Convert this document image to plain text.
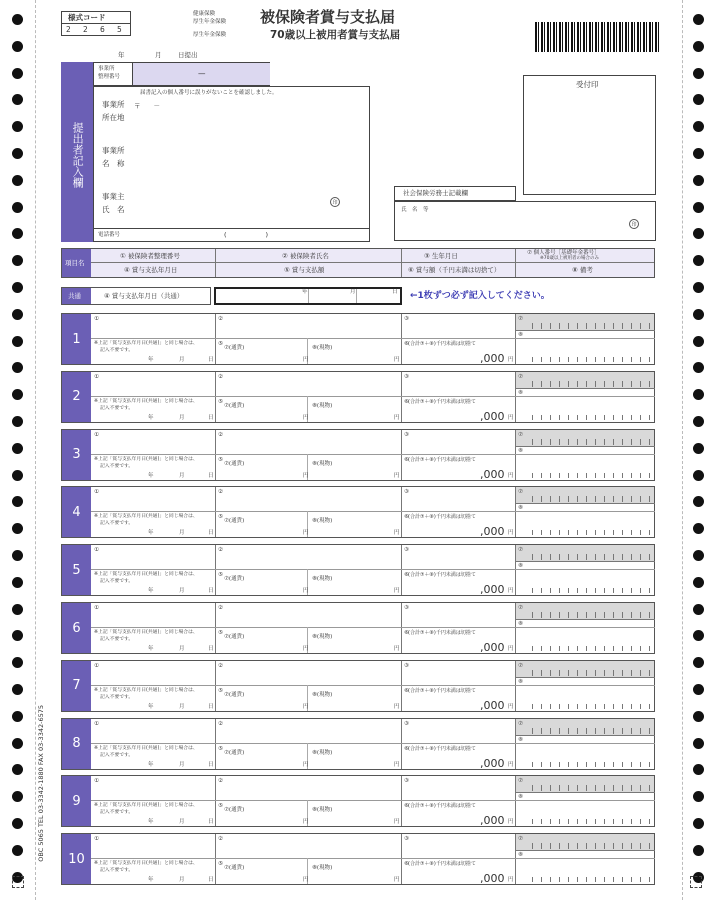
様式コード
2 2 6 5
健康保険
厚生年金保険
厚生年金保険
被保険者賞与支払届
70歳以上被用者賞与支払届
年	月	日提出
提出者記入欄
事業所
整理番号	—
届書記入の個人番号に誤りがないことを確認しました。
事業所
所在地
〒　　－
事業所
名　称
事業主
氏　名
印
電話番号	(　　　　　　)
受付印
社会保険労務士記載欄
氏　名　等
印
項目名
① 被保険者整理番号	② 被保険者氏名	③ 生年月日	⑦ 個人番号［基礎年金番号］
※70歳以上被用者の場合のみ
④ 賞与支払年月日	⑤ 賞与支払額	⑥ 賞与額（千円未満は切捨て）	⑧ 備考
共通	④ 賞与支払年月日（共通）	年	月	日 ←1枚ずつ必ず記入してください。
1
①	②	③	⑦
⑧
※上記「賞与支払年月日(共通)」と同じ場合は、
記入不要です。
年	月	日
⑤
⑦(通貨)	⑧(現物)
円	円
⑥ (合計⑦＋⑧)千円未満は切捨て
,000 円
2
①	②	③	⑦
⑧
※上記「賞与支払年月日(共通)」と同じ場合は、
記入不要です。
年	月	日
⑤
⑦(通貨)	⑧(現物)
円	円
⑥ (合計⑦＋⑧)千円未満は切捨て
,000 円
3
①	②	③	⑦
⑧
※上記「賞与支払年月日(共通)」と同じ場合は、
記入不要です。
年	月	日
⑤
⑦(通貨)	⑧(現物)
円	円
⑥ (合計⑦＋⑧)千円未満は切捨て
,000 円
4
①	②	③	⑦
⑧
※上記「賞与支払年月日(共通)」と同じ場合は、
記入不要です。
年	月	日
⑤
⑦(通貨)	⑧(現物)
円	円
⑥ (合計⑦＋⑧)千円未満は切捨て
,000 円
5
①	②	③	⑦
⑧
※上記「賞与支払年月日(共通)」と同じ場合は、
記入不要です。
年	月	日
⑤
⑦(通貨)	⑧(現物)
円	円
⑥ (合計⑦＋⑧)千円未満は切捨て
,000 円
6
①	②	③	⑦
⑧
※上記「賞与支払年月日(共通)」と同じ場合は、
記入不要です。
年	月	日
⑤
⑦(通貨)	⑧(現物)
円	円
⑥ (合計⑦＋⑧)千円未満は切捨て
,000 円
7
①	②	③	⑦
⑧
※上記「賞与支払年月日(共通)」と同じ場合は、
記入不要です。
年	月	日
⑤
⑦(通貨)	⑧(現物)
円	円
⑥ (合計⑦＋⑧)千円未満は切捨て
,000 円
8
①	②	③	⑦
⑧
※上記「賞与支払年月日(共通)」と同じ場合は、
記入不要です。
年	月	日
⑤
⑦(通貨)	⑧(現物)
円	円
⑥ (合計⑦＋⑧)千円未満は切捨て
,000 円
9
①	②	③	⑦
⑧
※上記「賞与支払年月日(共通)」と同じ場合は、
記入不要です。
年	月	日
⑤
⑦(通貨)	⑧(現物)
円	円
⑥ (合計⑦＋⑧)千円未満は切捨て
,000 円
10
①	②	③	⑦
⑧
※上記「賞与支払年月日(共通)」と同じ場合は、
記入不要です。
年	月	日
⑤
⑦(通貨)	⑧(現物)
円	円
⑥ (合計⑦＋⑧)千円未満は切捨て
,000 円
OBC 5065 TEL 03-3342-1880 FAX 03-3342-6575
